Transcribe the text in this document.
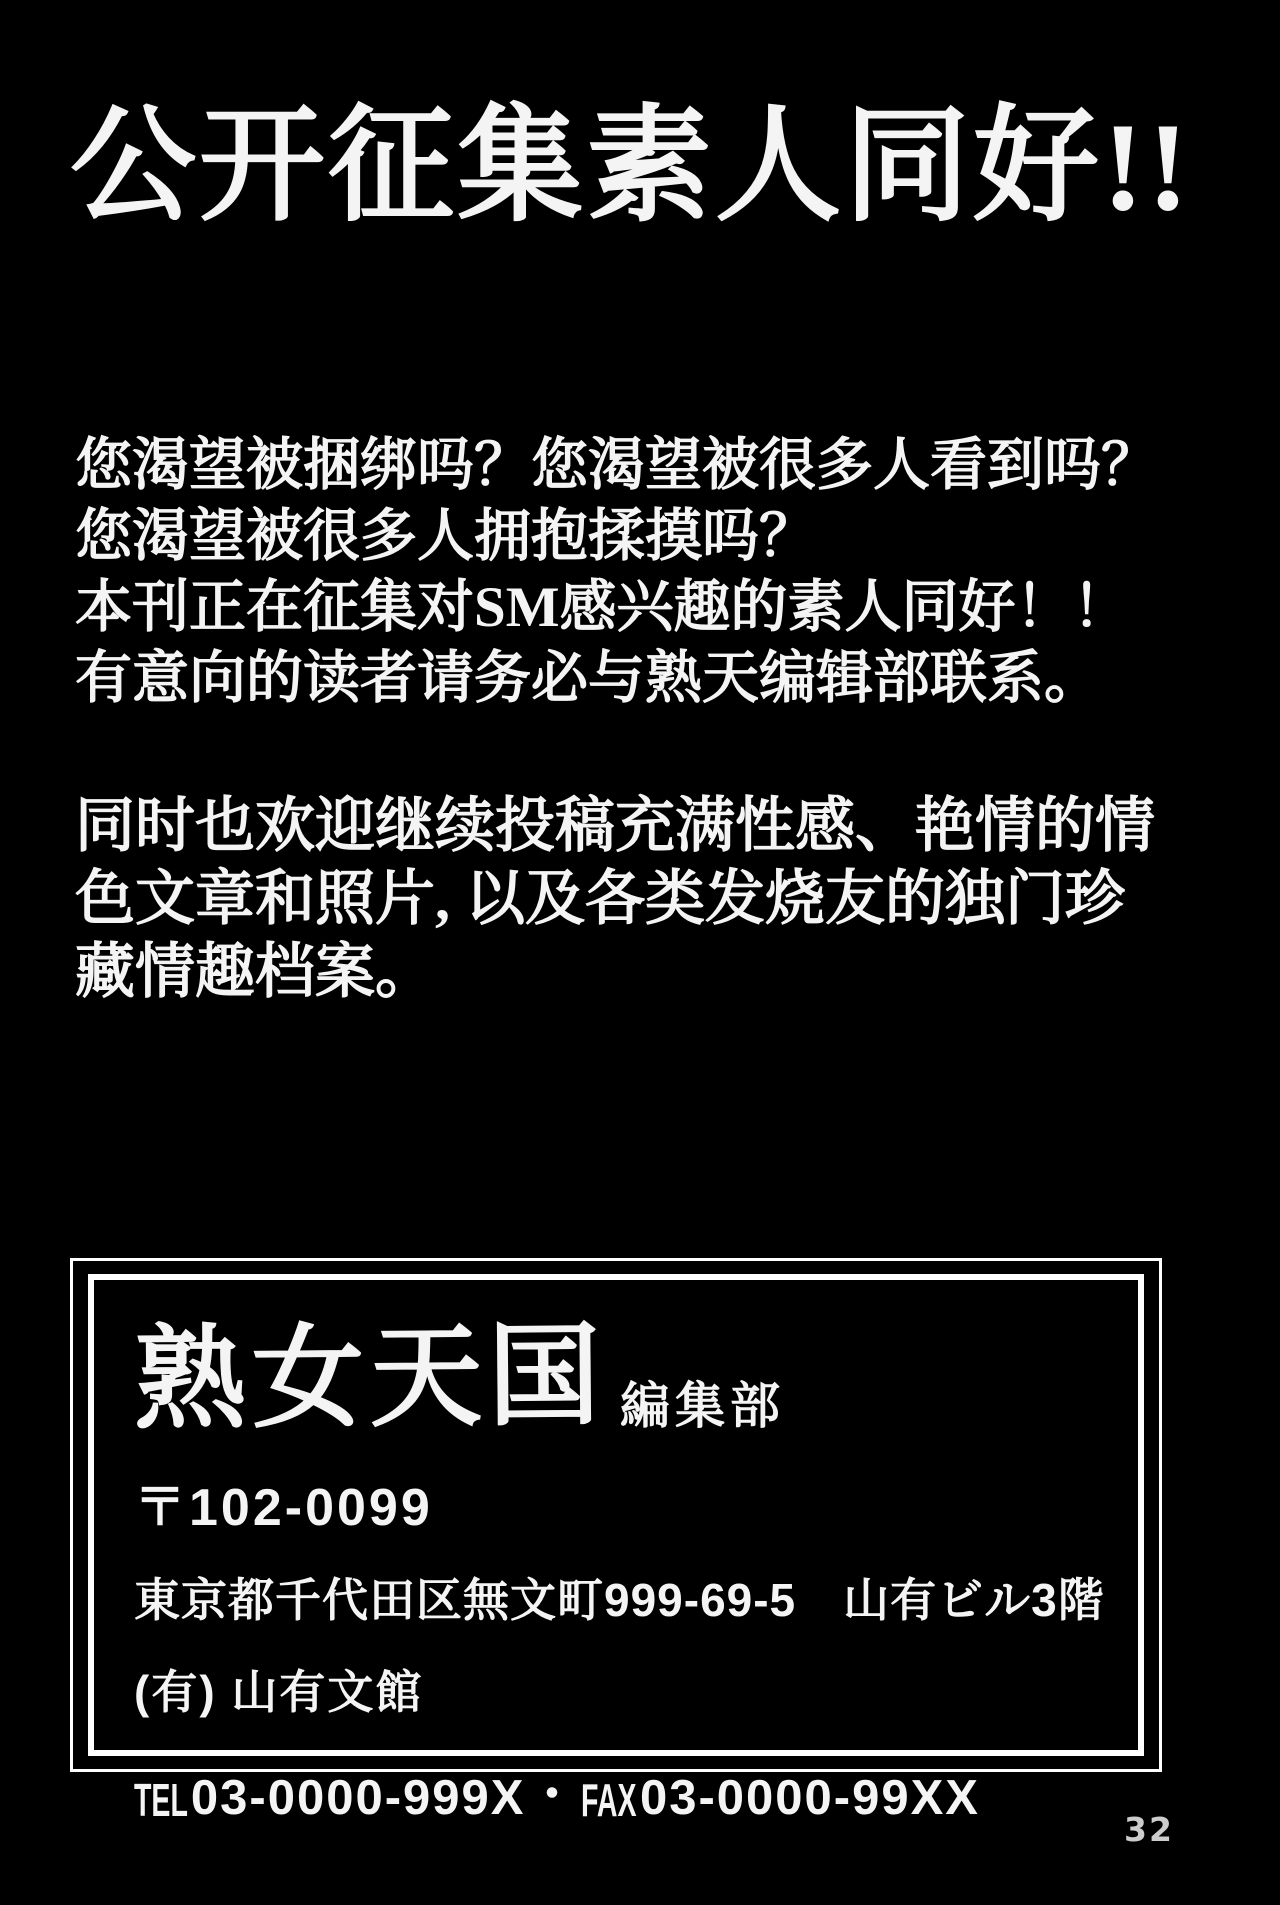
公开征集素人同好!!
您渴望被捆绑吗？您渴望被很多人看到吗？
您渴望被很多人拥抱揉摸吗？
本刊正在征集对SM感兴趣的素人同好！！
有意向的读者请务必与熟天编辑部联系。
同时也欢迎继续投稿充满性感、艳情的情
色文章和照片, 以及各类发烧友的独门珍
藏情趣档案。
熟女天国 編集部
〒102-0099
東京都千代田区無文町999-69-5　山有ビル3階
(有) 山有文館
TEL 03-0000-999X ・ FAX 03-0000-99XX
32
